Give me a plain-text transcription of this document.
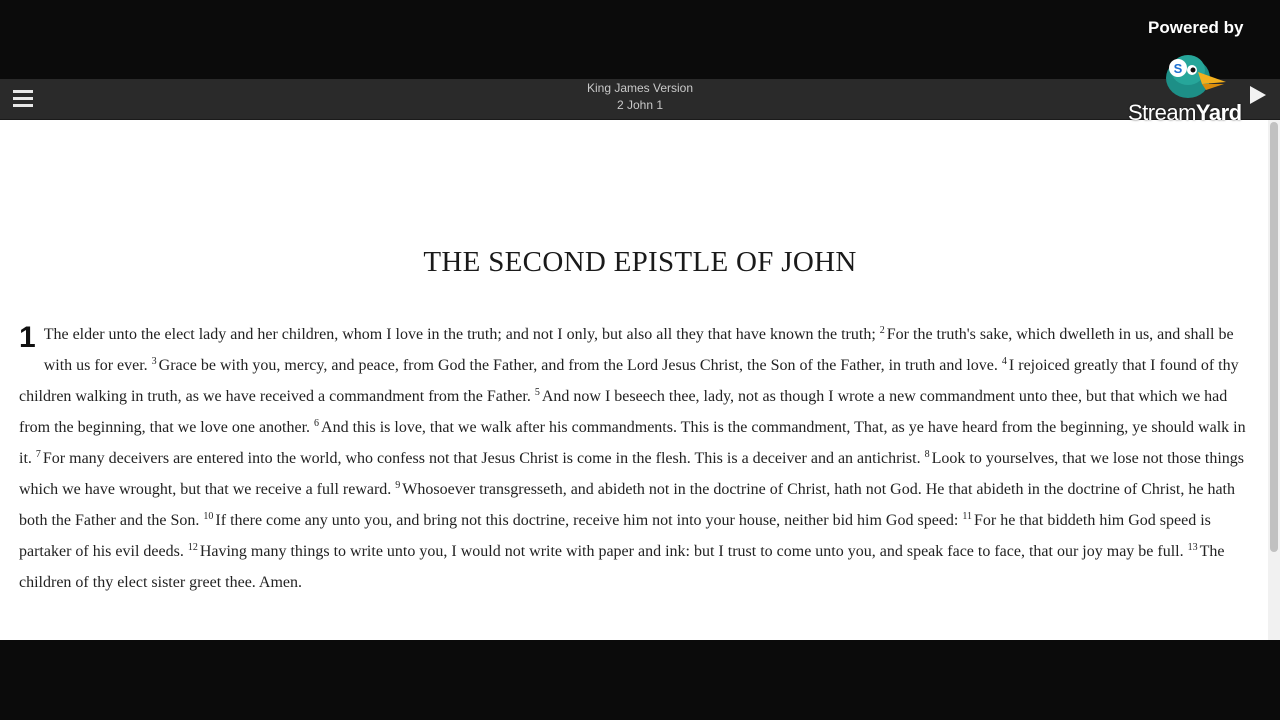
King James Version
2 John 1
THE SECOND EPISTLE OF JOHN
1 The elder unto the elect lady and her children, whom I love in the truth; and not I only, but also all they that have known the truth; $^2$ For the truth's sake, which dwelleth in us, and shall be with us for ever. $^3$ Grace be with you, mercy, and peace, from God the Father, and from the Lord Jesus Christ, the Son of the Father, in truth and love. $^4$ I rejoiced greatly that I found of thy children walking in truth, as we have received a commandment from the Father. $^5$ And now I beseech thee, lady, not as though I wrote a new commandment unto thee, but that which we had from the beginning, that we love one another. $^6$ And this is love, that we walk after his commandments. This is the commandment, That, as ye have heard from the beginning, ye should walk in it. $^7$ For many deceivers are entered into the world, who confess not that Jesus Christ is come in the flesh. This is a deceiver and an antichrist. $^8$ Look to yourselves, that we lose not those things which we have wrought, but that we receive a full reward. $^9$ Whosoever transgresseth, and abideth not in the doctrine of Christ, hath not God. He that abideth in the doctrine of Christ, he hath both the Father and the Son. $^{10}$ If there come any unto you, and bring not this doctrine, receive him not into your house, neither bid him God speed: $^{11}$ For he that biddeth him God speed is partaker of his evil deeds. $^{12}$ Having many things to write unto you, I would not write with paper and ink: but I trust to come unto you, and speak face to face, that our joy may be full. $^{13}$ The children of thy elect sister greet thee. Amen.
Powered by
S
StreamYard
